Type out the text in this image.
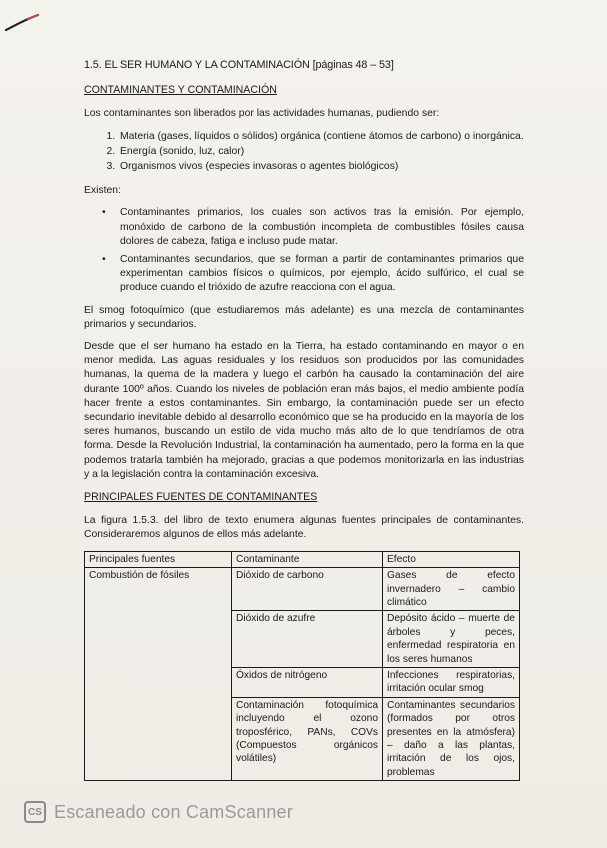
1.5. EL SER HUMANO Y LA CONTAMINACIÓN [páginas 48 – 53]
CONTAMINANTES Y CONTAMINACIÓN

Los contaminantes son liberados por las actividades humanas, pudiendo ser:

1. Materia (gases, líquidos o sólidos) orgánica (contiene átomos de carbono) o inorgánica.
2. Energía (sonido, luz, calor)
3. Organismos vivos (especies invasoras o agentes biológicos)

Existen:

• Contaminantes primarios, los cuales son activos tras la emisión. Por ejemplo, monóxido de carbono de la combustión incompleta de combustibles fósiles causa dolores de cabeza, fatiga e incluso pude matar.
• Contaminantes secundarios, que se forman a partir de contaminantes primarios que experimentan cambios físicos o químicos, por ejemplo, ácido sulfúrico, el cual se produce cuando el trióxido de azufre reacciona con el agua.

El smog fotoquímico (que estudiaremos más adelante) es una mezcla de contaminantes primarios y secundarios.

Desde que el ser humano ha estado en la Tierra, ha estado contaminando en mayor o en menor medida. Las aguas residuales y los residuos son producidos por las comunidades humanas, la quema de la madera y luego el carbón ha causado la contaminación del aire durante 100º años. Cuando los niveles de población eran más bajos, el medio ambiente podía hacer frente a estos contaminantes. Sin embargo, la contaminación puede ser un efecto secundario inevitable debido al desarrollo económico que se ha producido en la mayoría de los seres humanos, buscando un estilo de vida mucho más alto de lo que tendríamos de otra forma. Desde la Revolución Industrial, la contaminación ha aumentado, pero la forma en la que podemos tratarla también ha mejorado, gracias a que podemos monitorizarla en las industrias y a la legislación contra la contaminación excesiva.

PRINCIPALES FUENTES DE CONTAMINANTES

La figura 1.5.3. del libro de texto enumera algunas fuentes principales de contaminantes. Consideraremos algunos de ellos más adelante.

Principales fuentes	Contaminante	Efecto
Combustión de fósiles	Dióxido de carbono	Gases de efecto invernadero – cambio climático
	Dióxido de azufre	Depósito ácido – muerte de árboles y peces, enfermedad respiratoria en los seres humanos
	Óxidos de nitrógeno	Infecciones respiratorias, irritación ocular smog
	Contaminación fotoquímica incluyendo el ozono troposférico, PANs, COVs (Compuestos orgánicos volátiles)	Contaminantes secundarios (formados por otros presentes en la atmósfera) – daño a las plantas, irritación de los ojos, problemas
CS Escaneado con CamScanner
